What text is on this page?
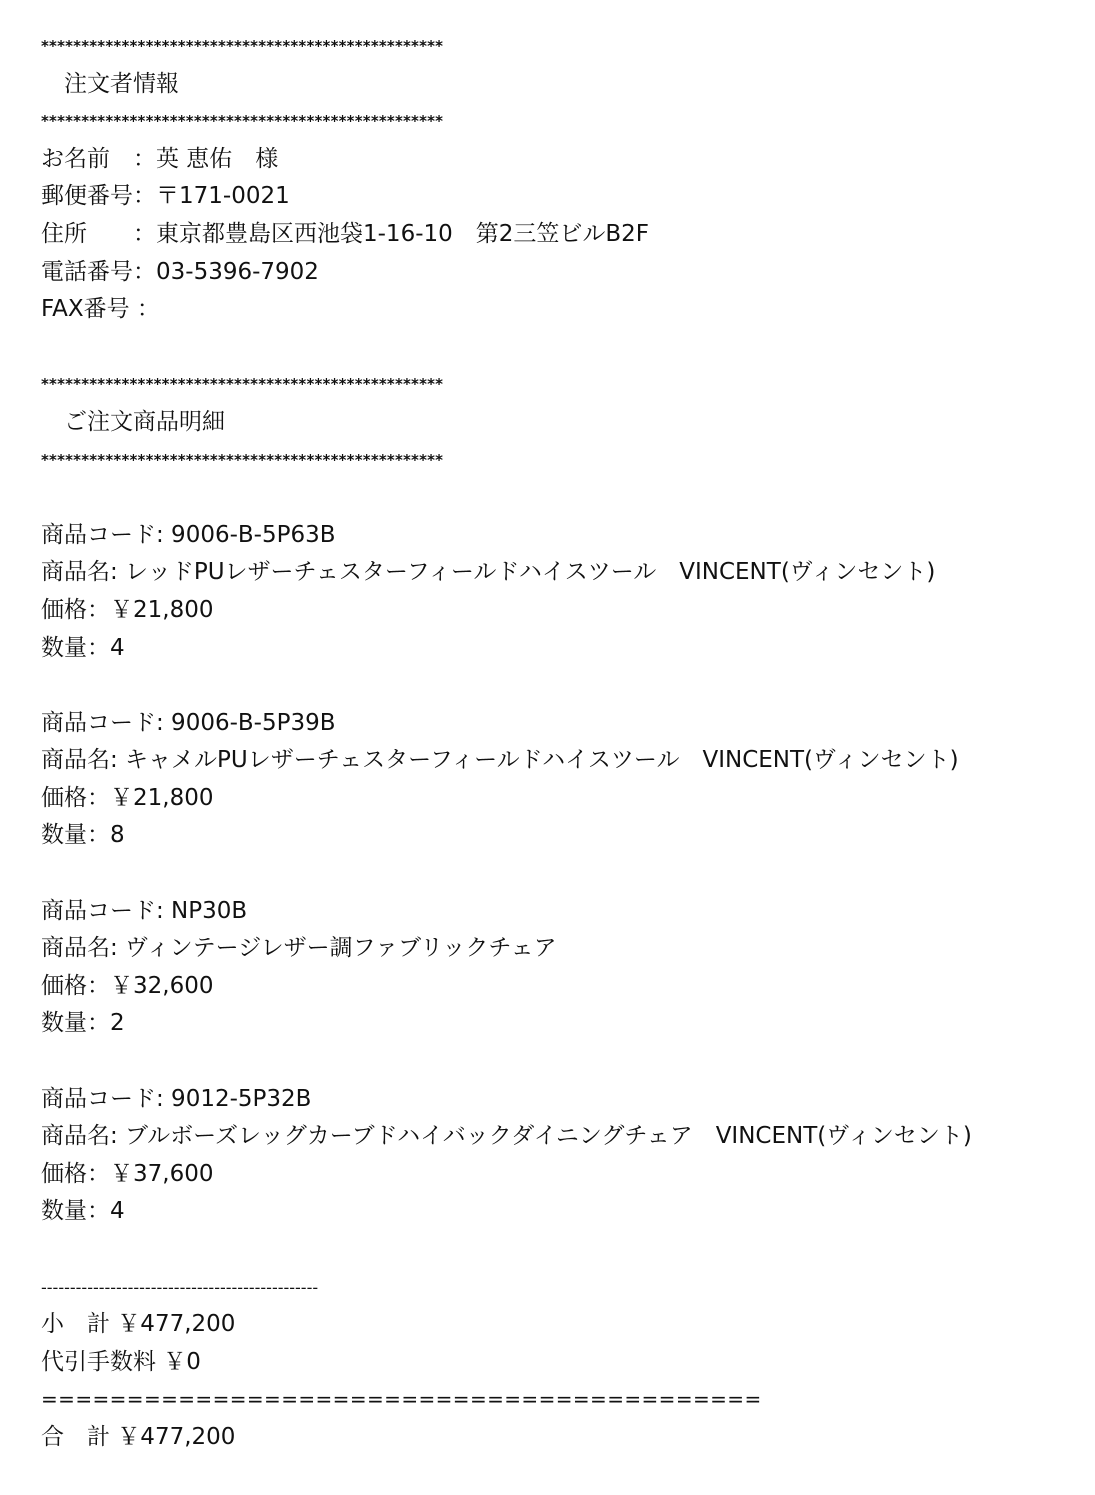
**************************************************
　注文者情報
**************************************************
お名前　：英 恵佑　様
郵便番号：〒171-0021
住所　　：東京都豊島区西池袋1-16-10　第2三笠ビルB2F
電話番号：03-5396-7902
FAX番号 ：
**************************************************
　ご注文商品明細
**************************************************
商品コード: 9006-B-5P63B
商品名: レッドPUレザーチェスターフィールドハイスツール　VINCENT(ヴィンセント)
価格：￥21,800
数量：4
商品コード: 9006-B-5P39B
商品名: キャメルPUレザーチェスターフィールドハイスツール　VINCENT(ヴィンセント)
価格：￥21,800
数量：8
商品コード: NP30B
商品名: ヴィンテージレザー調ファブリックチェア
価格：￥32,600
数量：2
商品コード: 9012-5P32B
商品名: ブルボーズレッグカーブドハイバックダイニングチェア　VINCENT(ヴィンセント)
価格：￥37,600
数量：4
------------------------------------------------
小　計 ￥477,200
代引手数料 ￥0
==========================================
合　計 ￥477,200
